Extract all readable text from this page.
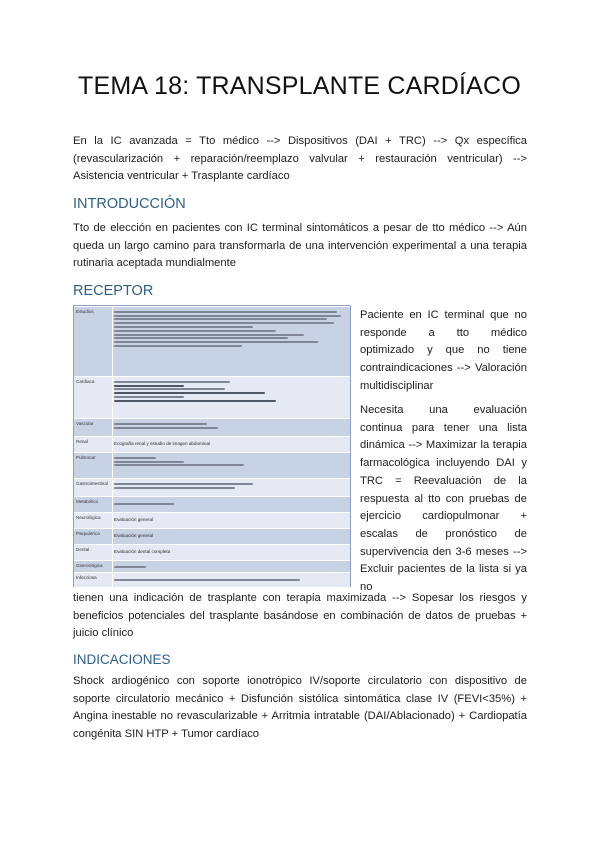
TEMA 18: TRANSPLANTE CARDÍACO
En la IC avanzada = Tto médico --> Dispositivos (DAI + TRC) --> Qx específica (revascularización + reparación/reemplazo valvular + restauración ventricular) --> Asistencia ventricular + Trasplante cardíaco
INTRODUCCIÓN
Tto de elección en pacientes con IC terminal sintomáticos a pesar de tto médico --> Aún queda un largo camino para transformarla de una intervención experimental a una terapia rutinaria aceptada mundialmente
RECEPTOR
Estudios
Cardiaca
Vascular
Renal	Ecografía renal y estudio de imagen abdominal
Pulmonar
Gastrointestinal
Metabólico
Neurológica	Evaluación general
Psiquiátrica	Evaluación general
Dental	Evaluación dental completa
Ginecológica
Infecciosa
Paciente en IC terminal que no responde a tto médico optimizado y que no tiene contraindicaciones --> Valoración multidisciplinar
Necesita una evaluación continua para tener una lista dinámica --> Maximizar la terapia farmacológica incluyendo DAI y TRC = Reevaluación de la respuesta al tto con pruebas de ejercicio cardiopulmonar + escalas de pronóstico de supervivencia den 3-6 meses --> Excluir pacientes de la lista si ya no
tienen una indicación de trasplante con terapia maximizada --> Sopesar los riesgos y beneficios potenciales del trasplante basándose en combinación de datos de pruebas + juicio clínico
INDICACIONES
Shock ardiogénico con soporte ionotrópico IV/soporte circulatorio con dispositivo de soporte circulatorio mecánico + Disfunción sistólica sintomática clase IV (FEVI<35%) + Angina inestable no revascularizable + Arritmia intratable (DAI/Ablacionado) + Cardiopatía congénita SIN HTP + Tumor cardíaco
